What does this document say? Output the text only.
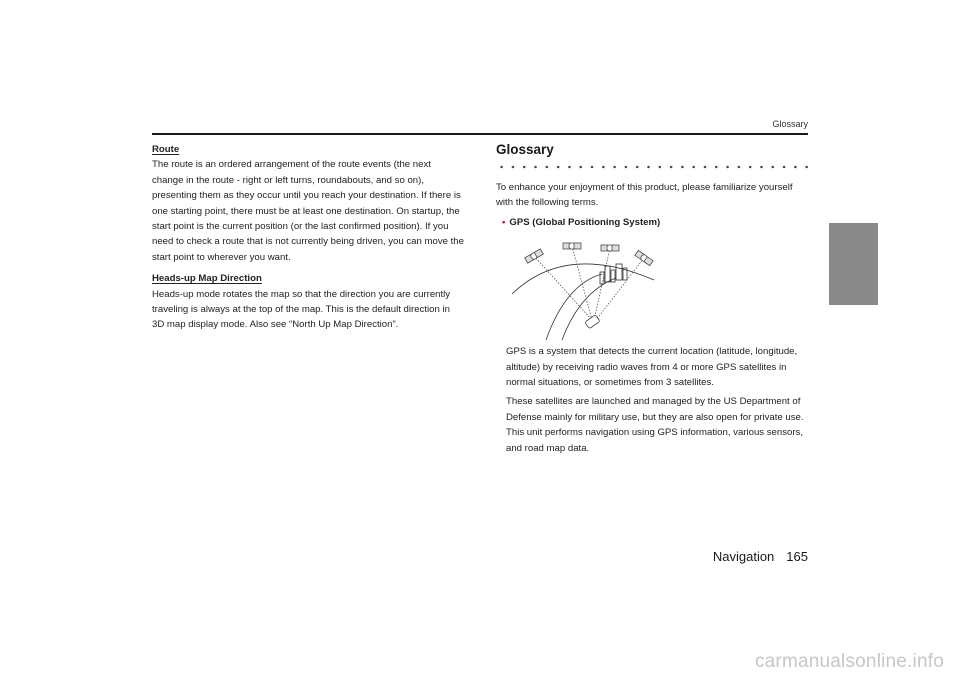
Glossary
Route

The route is an ordered arrangement of the route events (the next change in the route - right or left turns, roundabouts, and so on), presenting them as they occur until you reach your destination. If there is one starting point, there must be at least one destination. On startup, the start point is the current position (or the last confirmed position). If you need to check a route that is not currently being driven, you can move the start point to wherever you want.

Heads-up Map Direction

Heads-up mode rotates the map so that the direction you are currently traveling is always at the top of the map. This is the default direction in 3D map display mode. Also see “North Up Map Direction”.

Glossary

To enhance your enjoyment of this product, please familiarize yourself with the following terms.

• GPS (Global Positioning System)

GPS is a system that detects the current location (latitude, longitude, altitude) by receiving radio waves from 4 or more GPS satellites in normal situations, or sometimes from 3 satellites.

These satellites are launched and managed by the US Department of Defense mainly for military use, but they are also open for private use. This unit performs navigation using GPS information, various sensors, and road map data.

Navigation 165
carmanualsonline.info
